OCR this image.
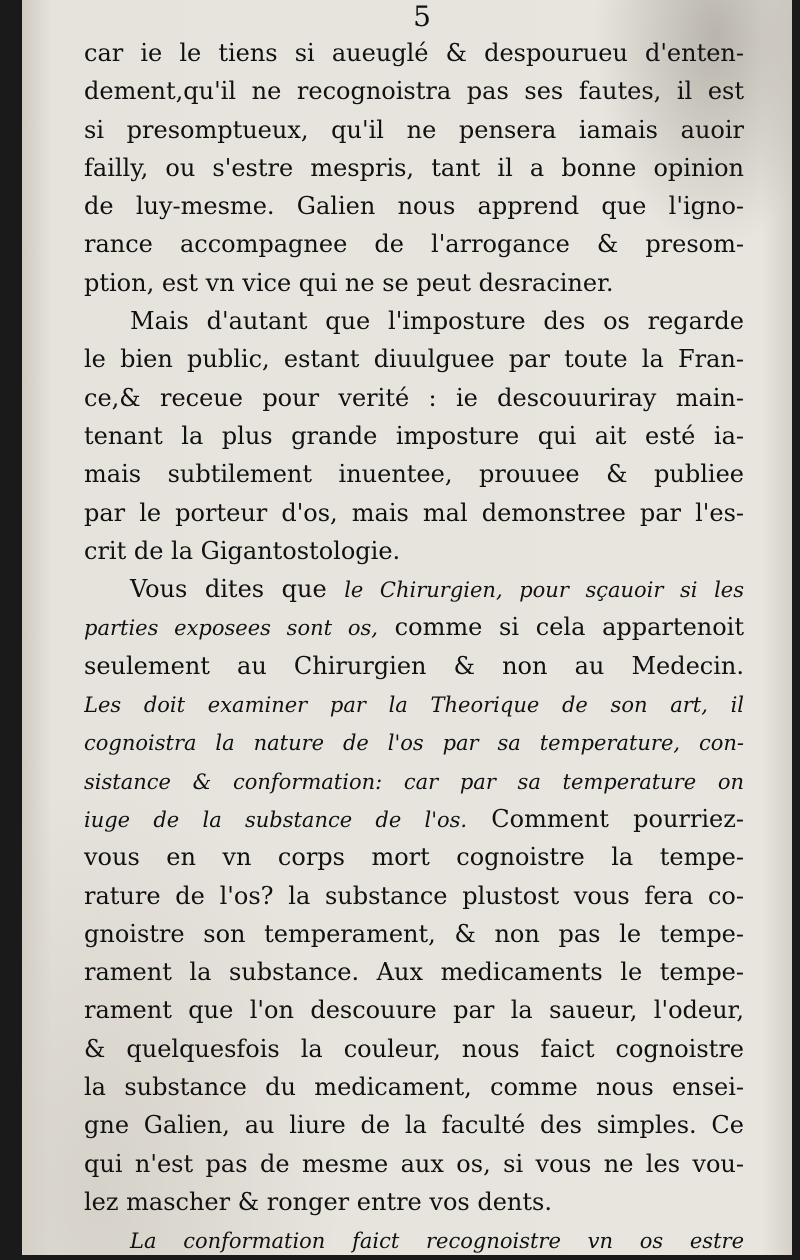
5
car ie le tiens si aueuglé & despourueu d'enten-
dement,qu'il ne recognoistra pas ses fautes, il est
si presomptueux, qu'il ne pensera iamais auoir
failly, ou s'estre mespris, tant il a bonne opinion
de luy-mesme. Galien nous apprend que l'igno-
rance accompagnee de l'arrogance & presom-
ption, est vn vice qui ne se peut desraciner.
Mais d'autant que l'imposture des os regarde
le bien public, estant diuulguee par toute la Fran-
ce,& receue pour verité : ie descouuriray main-
tenant la plus grande imposture qui ait esté ia-
mais subtilement inuentee, prouuee & publiee
par le porteur d'os, mais mal demonstree par l'es-
crit de la Gigantostologie.
Vous dites que le Chirurgien, pour sçauoir si les
parties exposees sont os, comme si cela appartenoit
seulement au Chirurgien & non au Medecin.
Les doit examiner par la Theorique de son art, il
cognoistra la nature de l'os par sa temperature, con-
sistance & conformation: car par sa temperature on
iuge de la substance de l'os. Comment pourriez-
vous en vn corps mort cognoistre la tempe-
rature de l'os? la substance plustost vous fera co-
gnoistre son temperament, & non pas le tempe-
rament la substance. Aux medicaments le tempe-
rament que l'on descouure par la saueur, l'odeur,
& quelquesfois la couleur, nous faict cognoistre
la substance du medicament, comme nous ensei-
gne Galien, au liure de la faculté des simples. Ce
qui n'est pas de mesme aux os, si vous ne les vou-
lez mascher & ronger entre vos dents.
La conformation faict recognoistre vn os estre
